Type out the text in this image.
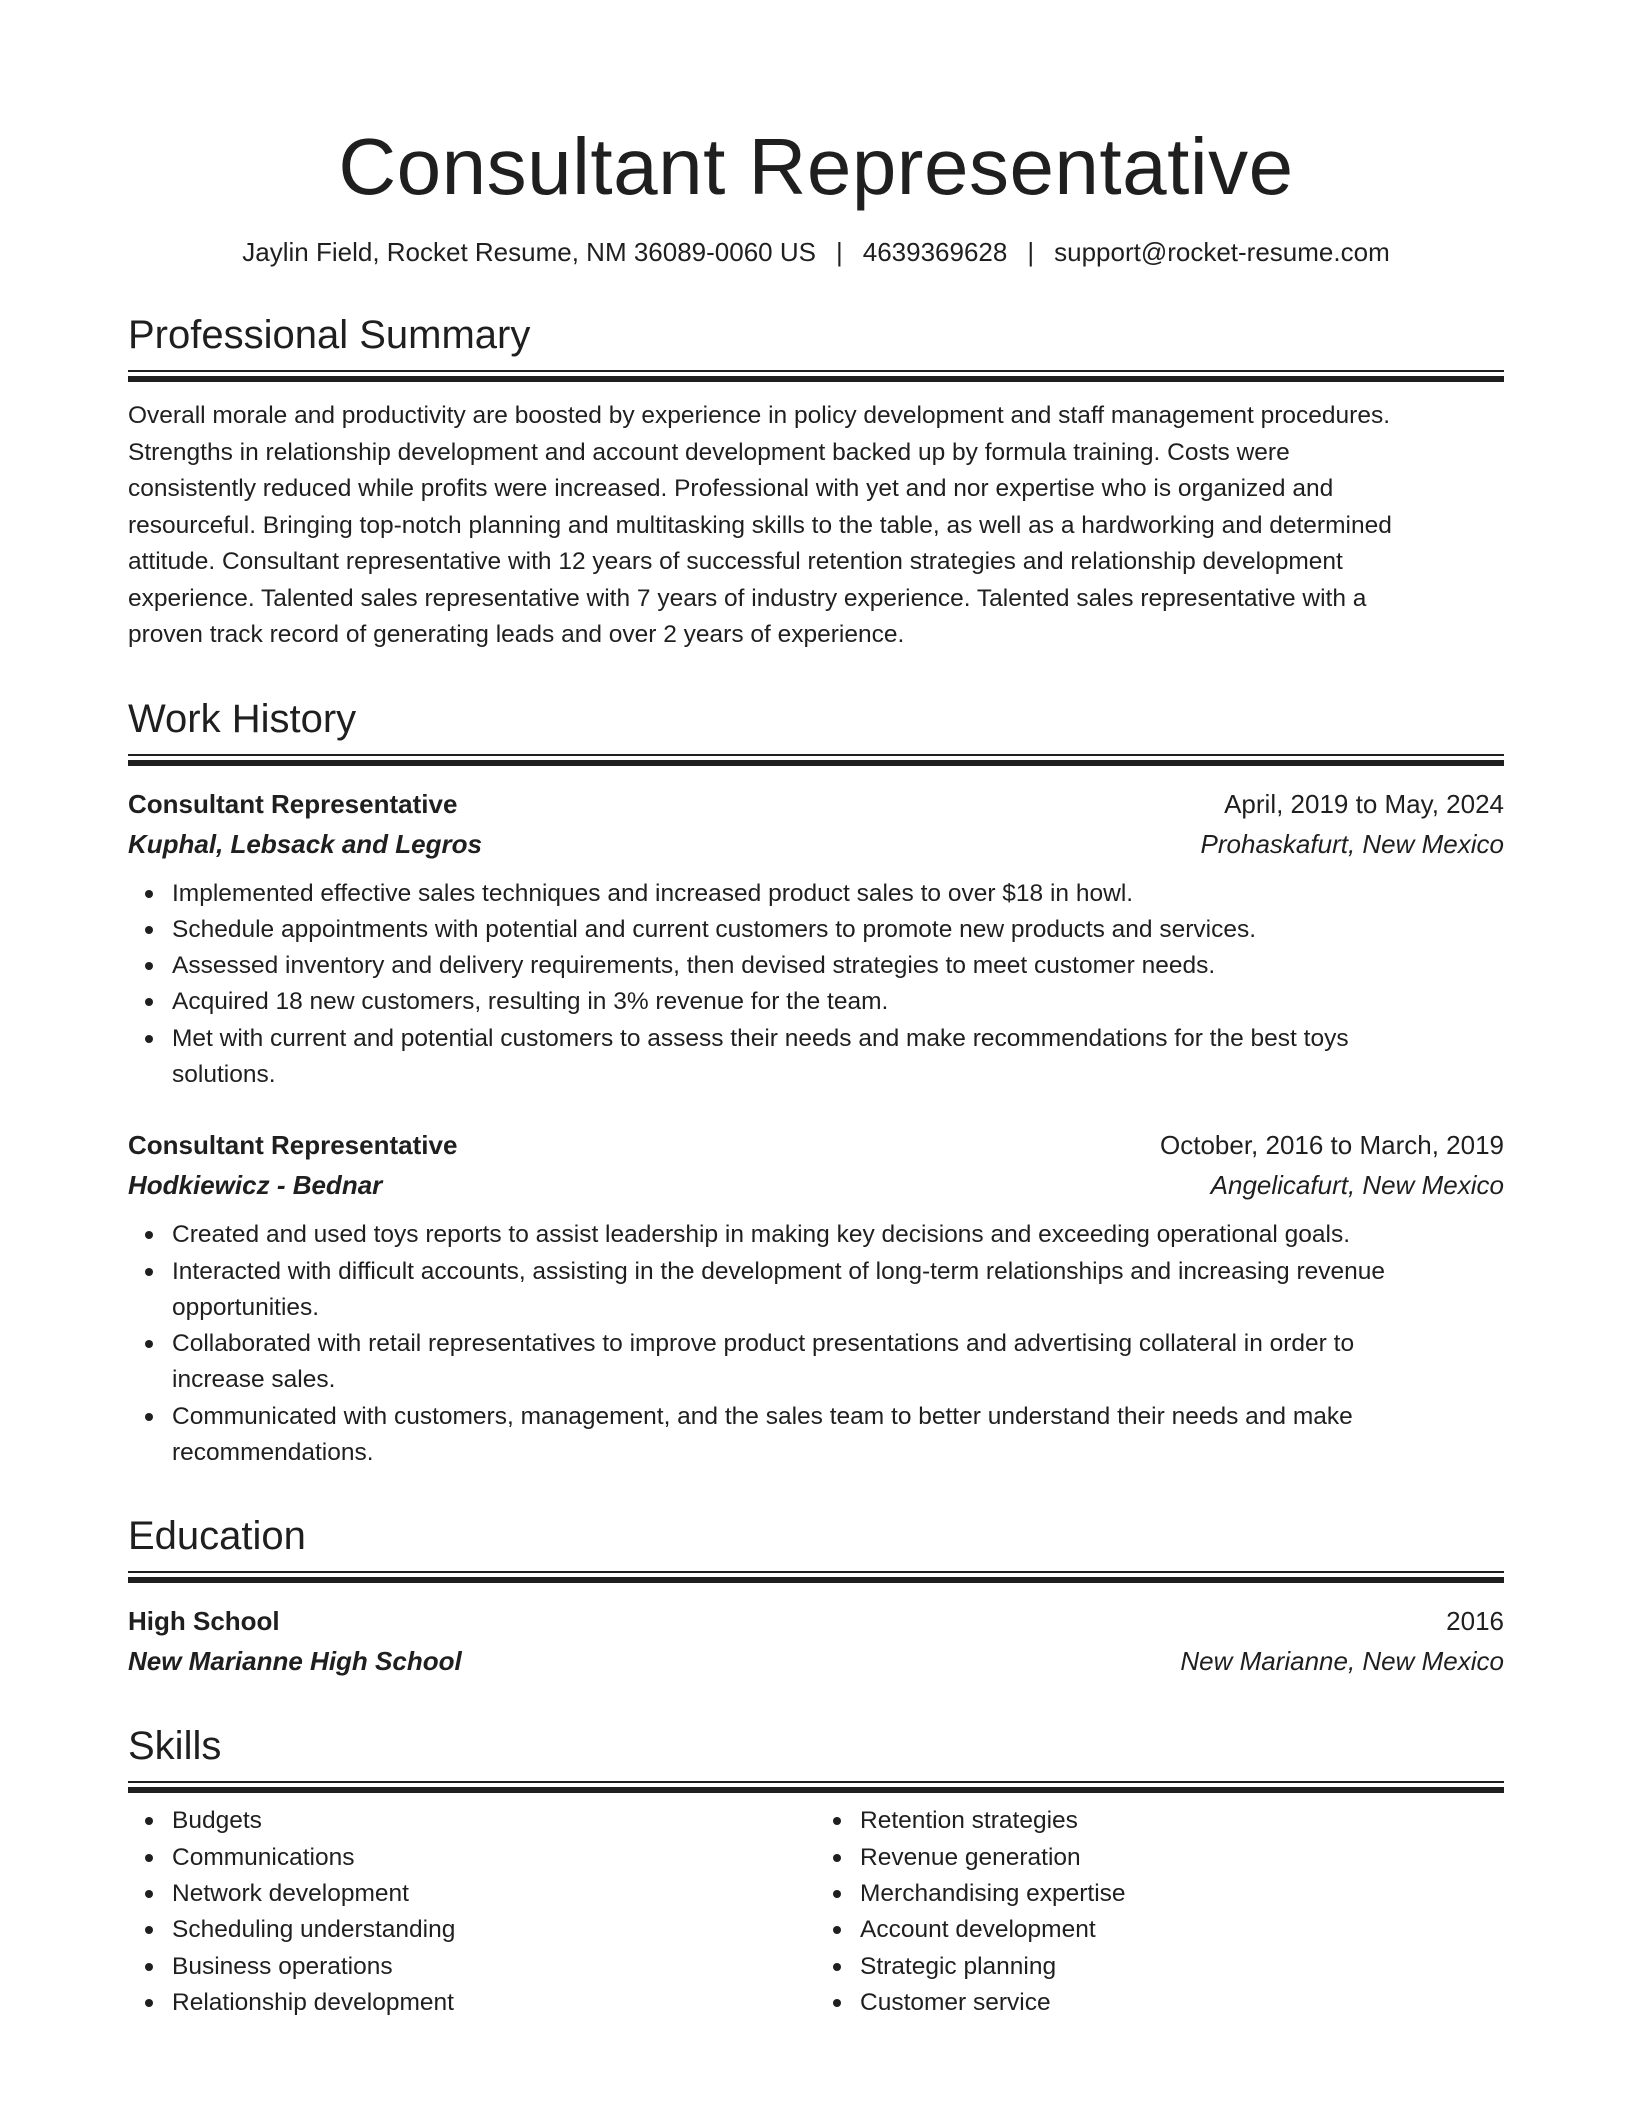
Consultant Representative
Jaylin Field, Rocket Resume, NM 36089-0060 US | 4639369628 | support@rocket-resume.com
Professional Summary
Overall morale and productivity are boosted by experience in policy development and staff management procedures.
Strengths in relationship development and account development backed up by formula training. Costs were
consistently reduced while profits were increased. Professional with yet and nor expertise who is organized and
resourceful. Bringing top-notch planning and multitasking skills to the table, as well as a hardworking and determined
attitude. Consultant representative with 12 years of successful retention strategies and relationship development
experience. Talented sales representative with 7 years of industry experience. Talented sales representative with a
proven track record of generating leads and over 2 years of experience.
Work History
Consultant Representative	April, 2019 to May, 2024
Kuphal, Lebsack and Legros	Prohaskafurt, New Mexico
Implemented effective sales techniques and increased product sales to over $18 in howl.
Schedule appointments with potential and current customers to promote new products and services.
Assessed inventory and delivery requirements, then devised strategies to meet customer needs.
Acquired 18 new customers, resulting in 3% revenue for the team.
Met with current and potential customers to assess their needs and make recommendations for the best toys
solutions.
Consultant Representative	October, 2016 to March, 2019
Hodkiewicz - Bednar	Angelicafurt, New Mexico
Created and used toys reports to assist leadership in making key decisions and exceeding operational goals.
Interacted with difficult accounts, assisting in the development of long-term relationships and increasing revenue
opportunities.
Collaborated with retail representatives to improve product presentations and advertising collateral in order to
increase sales.
Communicated with customers, management, and the sales team to better understand their needs and make
recommendations.
Education
High School	2016
New Marianne High School	New Marianne, New Mexico
Skills
Budgets
Communications
Network development
Scheduling understanding
Business operations
Relationship development
Retention strategies
Revenue generation
Merchandising expertise
Account development
Strategic planning
Customer service
